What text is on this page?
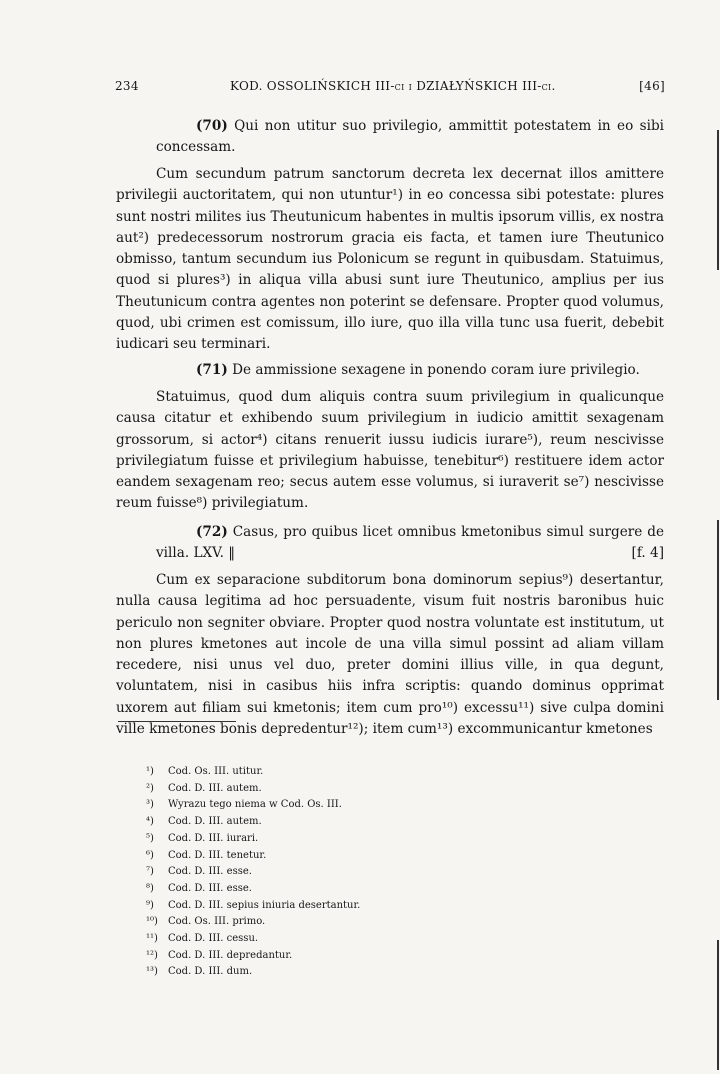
234	KOD. OSSOLIŃSKICH III-ci i DZIAŁYŃSKICH III-ci.	[46]

(70) Qui non utitur suo privilegio, ammittit potestatem in eo sibi concessam.

Cum secundum patrum sanctorum decreta lex decernat illos amittere privilegii auctoritatem, qui non utuntur¹) in eo concessa sibi potestate: plures sunt nostri milites ius Theutunicum habentes in multis ipsorum villis, ex nostra aut²) predecessorum nostrorum gracia eis facta, et tamen iure Theutunico obmisso, tantum secundum ius Polonicum se regunt in quibusdam. Statuimus, quod si plures³) in aliqua villa abusi sunt iure Theutunico, amplius per ius Theutunicum contra agentes non poterint se defensare. Propter quod volumus, quod, ubi crimen est comissum, illo iure, quo illa villa tunc usa fuerit, debebit iudicari seu terminari.

(71) De ammissione sexagene in ponendo coram iure privilegio.

Statuimus, quod dum aliquis contra suum privilegium in qualicunque causa citatur et exhibendo suum privilegium in iudicio amittit sexagenam grossorum, si actor⁴) citans renuerit iussu iudicis iurare⁵), reum nescivisse privilegiatum fuisse et privilegium habuisse, tenebitur⁶) restituere idem actor eandem sexagenam reo; secus autem esse volumus, si iuraverit se⁷) nescivisse reum fuisse⁸) privilegiatum.

(72) Casus, pro quibus licet omnibus kmetonibus simul surgere de villa. LXV. ‖	[f. 4]

Cum ex separacione subditorum bona dominorum sepius⁹) desertantur, nulla causa legitima ad hoc persuadente, visum fuit nostris baronibus huic periculo non segniter obviare. Propter quod nostra voluntate est institutum, ut non plures kmetones aut incole de una villa simul possint ad aliam villam recedere, nisi unus vel duo, preter domini illius ville, in qua degunt, voluntatem, nisi in casibus hiis infra scriptis: quando dominus opprimat uxorem aut filiam sui kmetonis; item cum pro¹⁰) excessu¹¹) sive culpa domini ville kmetones bonis depredentur¹²); item cum¹³) excommunicantur kmetones

¹) Cod. Os. III. utitur.
²) Cod. D. III. autem.
³) Wyrazu tego niema w Cod. Os. III.
⁴) Cod. D. III. autem.
⁵) Cod. D. III. iurari.
⁶) Cod. D. III. tenetur.
⁷) Cod. D. III. esse.
⁸) Cod. D. III. esse.
⁹) Cod. D. III. sepius iniuria desertantur.
¹⁰) Cod. Os. III. primo.
¹¹) Cod. D. III. cessu.
¹²) Cod. D. III. depredantur.
¹³) Cod. D. III. dum.
